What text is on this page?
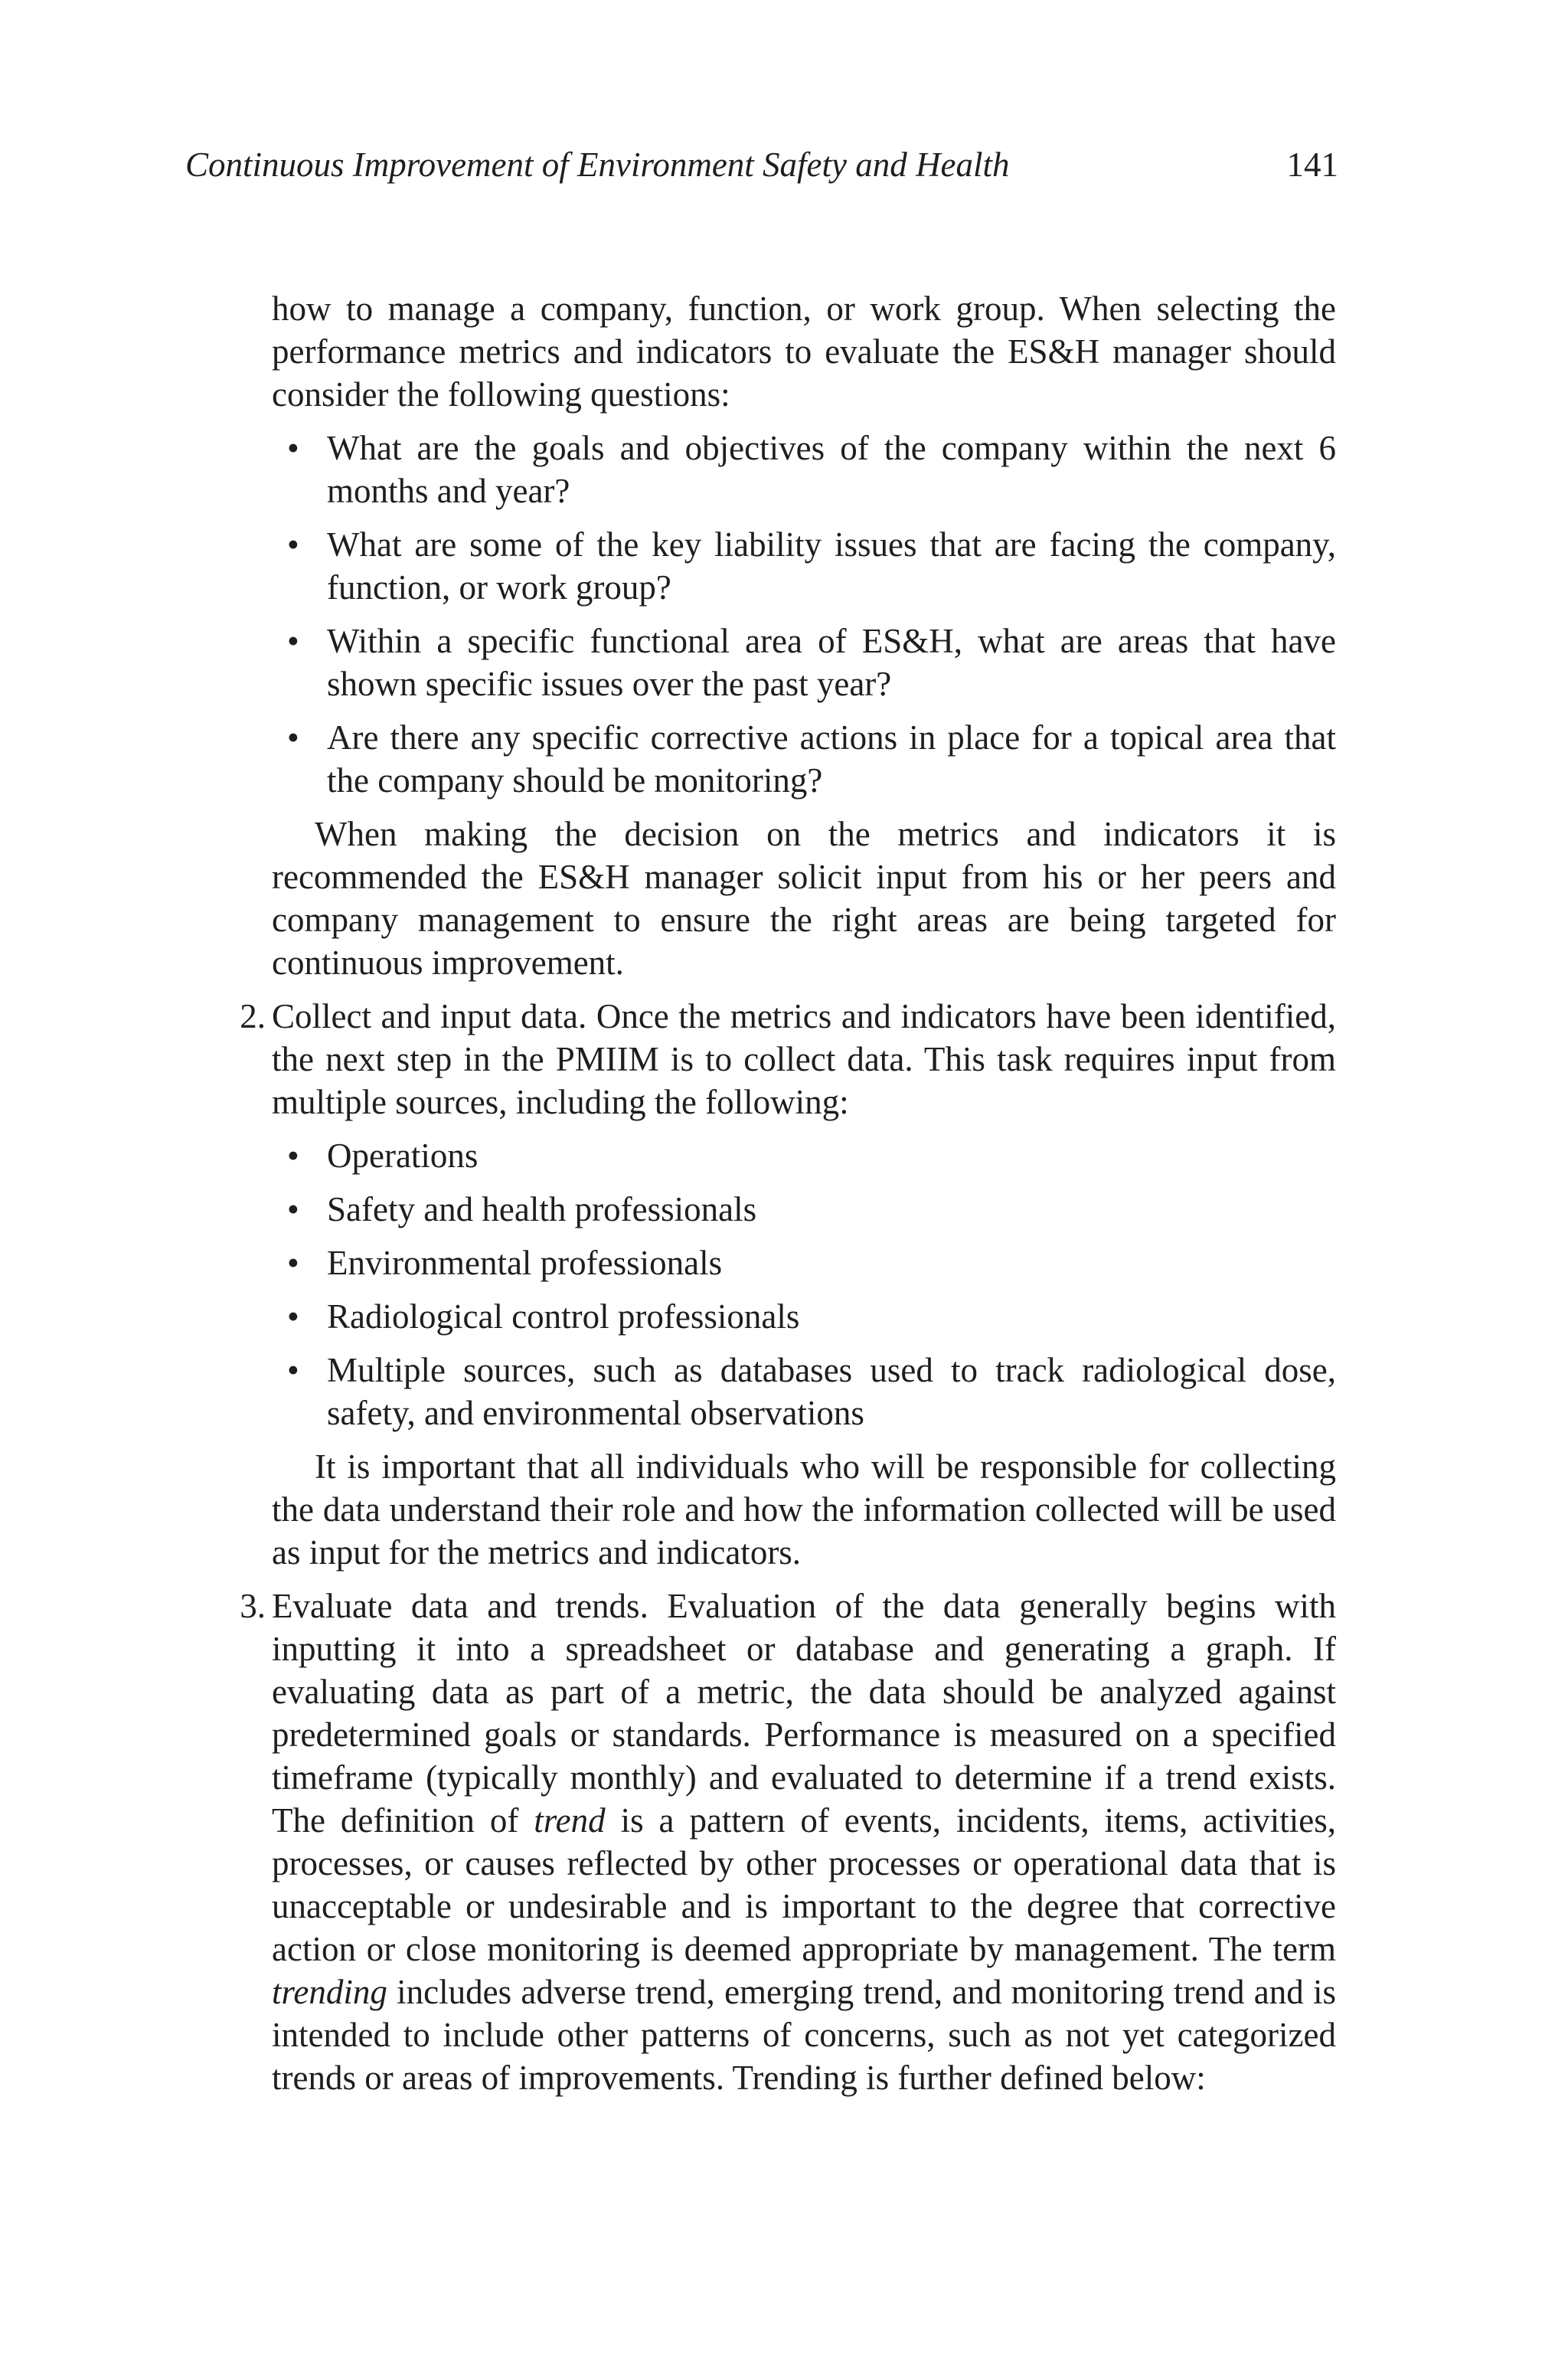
Continuous Improvement of Environment Safety and Health	141

how to manage a company, function, or work group. When selecting the performance metrics and indicators to evaluate the ES&H manager should consider the following questions:

• What are the goals and objectives of the company within the next 6 months and year?
• What are some of the key liability issues that are facing the company, function, or work group?
• Within a specific functional area of ES&H, what are areas that have shown specific issues over the past year?
• Are there any specific corrective actions in place for a topical area that the company should be monitoring?

When making the decision on the metrics and indicators it is recommended the ES&H manager solicit input from his or her peers and company management to ensure the right areas are being targeted for continuous improvement.

2. Collect and input data. Once the metrics and indicators have been identified, the next step in the PMIIM is to collect data. This task requires input from multiple sources, including the following:

• Operations
• Safety and health professionals
• Environmental professionals
• Radiological control professionals
• Multiple sources, such as databases used to track radiological dose, safety, and environmental observations

It is important that all individuals who will be responsible for collecting the data understand their role and how the information collected will be used as input for the metrics and indicators.

3. Evaluate data and trends. Evaluation of the data generally begins with inputting it into a spreadsheet or database and generating a graph. If evaluating data as part of a metric, the data should be analyzed against predetermined goals or standards. Performance is measured on a specified timeframe (typically monthly) and evaluated to determine if a trend exists. The definition of trend is a pattern of events, incidents, items, activities, processes, or causes reflected by other processes or operational data that is unacceptable or undesirable and is important to the degree that corrective action or close monitoring is deemed appropriate by management. The term trending includes adverse trend, emerging trend, and monitoring trend and is intended to include other patterns of concerns, such as not yet categorized trends or areas of improvements. Trending is further defined below:
